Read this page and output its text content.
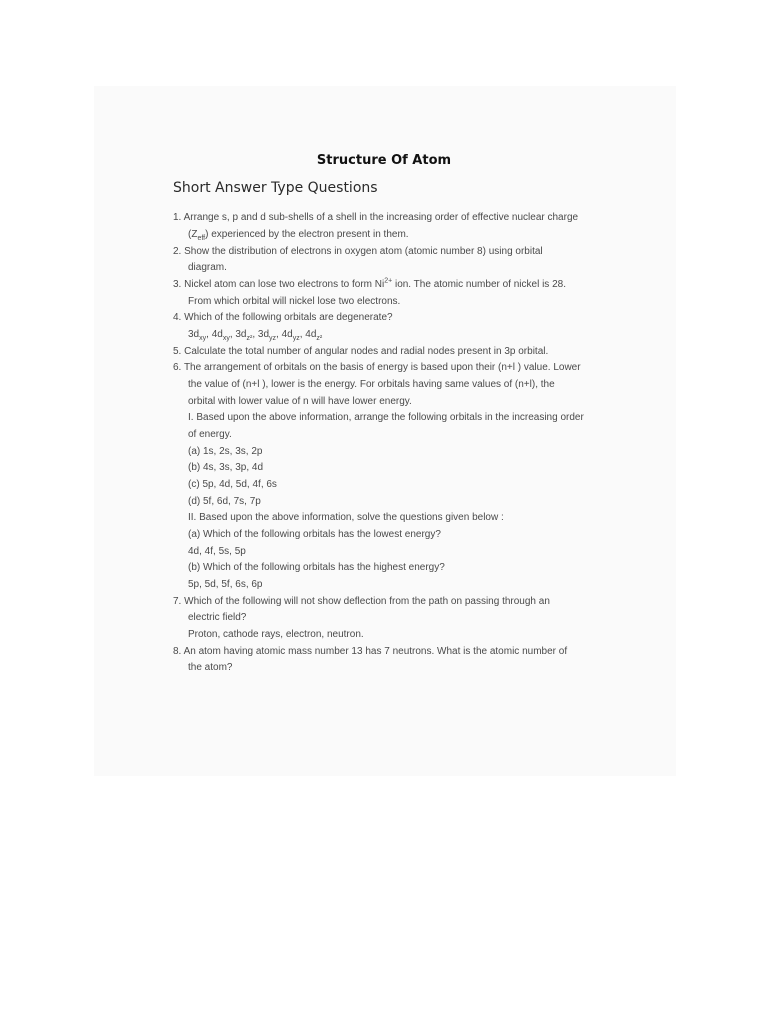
Structure Of Atom
Short Answer Type Questions
1. Arrange s, p and d sub-shells of a shell in the increasing order of effective nuclear charge
$(Z_{eff})$ experienced by the electron present in them.
2. Show the distribution of electrons in oxygen atom (atomic number 8) using orbital
diagram.
3. Nickel atom can lose two electrons to form $Ni^{2+}$ ion. The atomic number of nickel is 28.
From which orbital will nickel lose two electrons.
4. Which of the following orbitals are degenerate?
$3d_{xy}$, $4d_{xy}$, $3d_{z^2}$, $3d_{yz}$, $4d_{yz}$, $4d_{z^2}$
5. Calculate the total number of angular nodes and radial nodes present in 3p orbital.
6. The arrangement of orbitals on the basis of energy is based upon their (n+l ) value. Lower
the value of (n+l ), lower is the energy. For orbitals having same values of (n+l), the
orbital with lower value of n will have lower energy.
I. Based upon the above information, arrange the following orbitals in the increasing order
of energy.
(a) 1s, 2s, 3s, 2p
(b) 4s, 3s, 3p, 4d
(c) 5p, 4d, 5d, 4f, 6s
(d) 5f, 6d, 7s, 7p
II. Based upon the above information, solve the questions given below :
(a) Which of the following orbitals has the lowest energy?
4d, 4f, 5s, 5p
(b) Which of the following orbitals has the highest energy?
5p, 5d, 5f, 6s, 6p
7. Which of the following will not show deflection from the path on passing through an
electric field?
Proton, cathode rays, electron, neutron.
8. An atom having atomic mass number 13 has 7 neutrons. What is the atomic number of
the atom?
